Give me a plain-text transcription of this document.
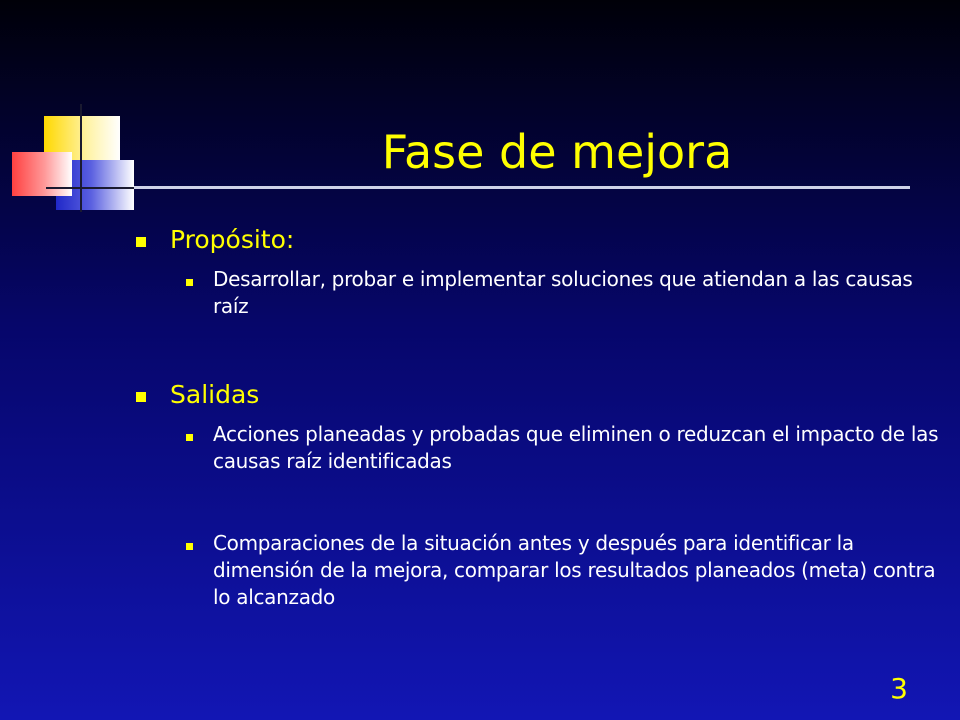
Fase de mejora
Propósito:
Desarrollar, probar e implementar soluciones que atiendan a las causas raíz
Salidas
Acciones planeadas y probadas que eliminen o reduzcan el impacto de las causas raíz identificadas
Comparaciones de la situación antes y después para identificar la dimensión de la mejora, comparar los resultados planeados (meta) contra lo alcanzado
3
